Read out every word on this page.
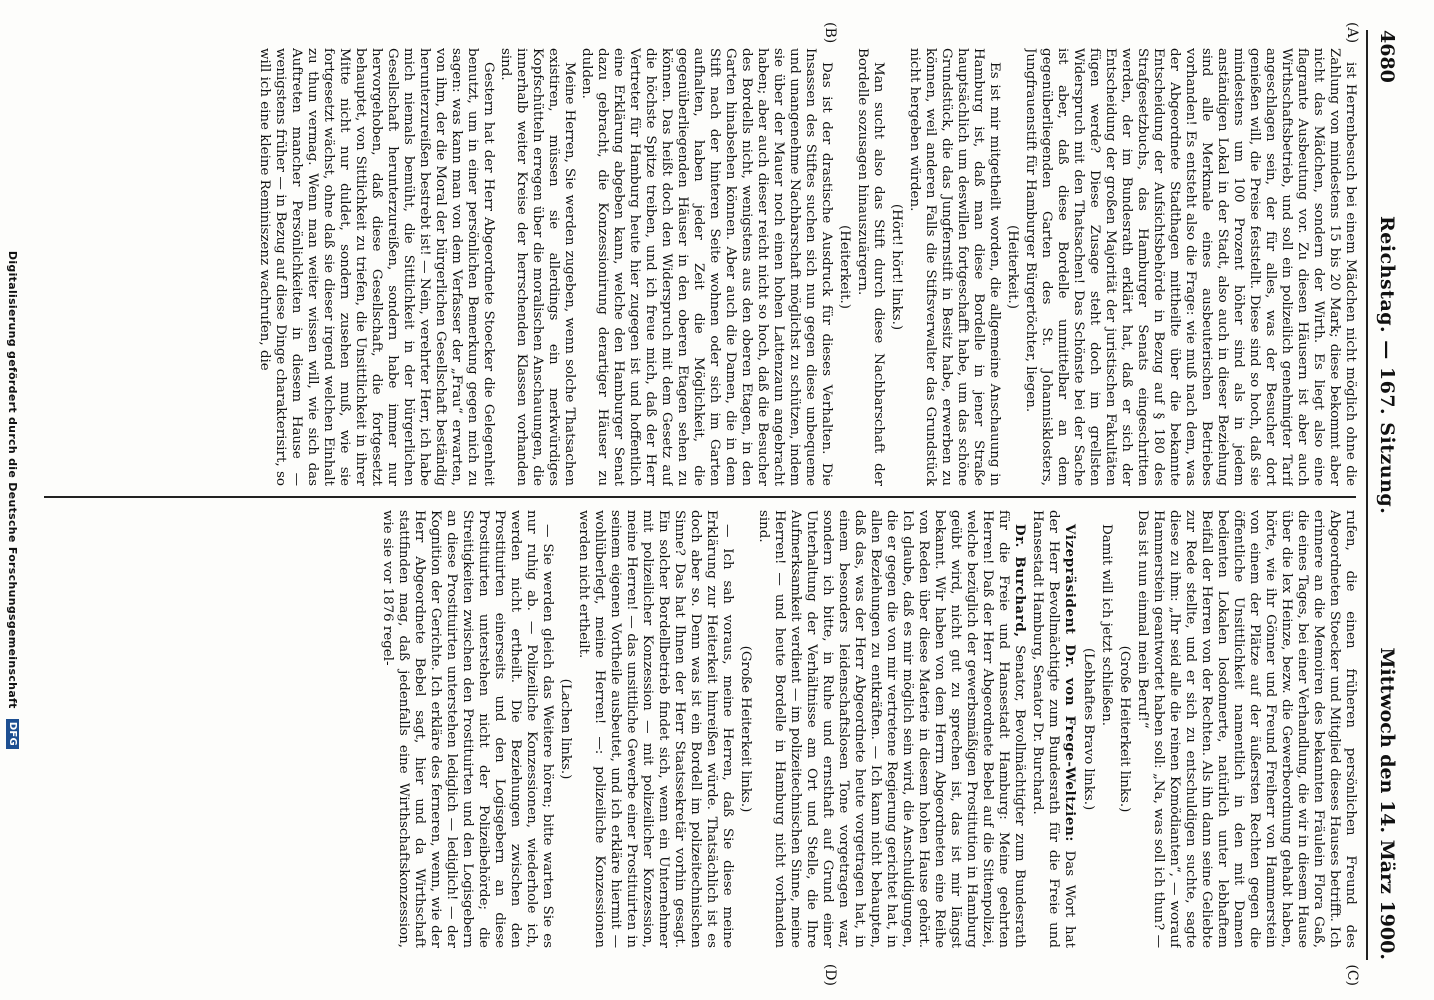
4680
Reichstag. — 167. Sitzung.
Mittwoch den 14. März 1900.
(A)
(B)
(C)
(D)

ist Herrenbesuch bei einem Mädchen nicht möglich ohne die Zahlung von mindestens 15 bis 20 Mark; diese bekommt aber nicht das Mädchen, sondern der Wirth. Es liegt also eine flagrante Ausbeutung vor. Zu diesen Häusern ist aber auch Wirthschaftsbetrieb, und soll ein polizeilich genehmigter Tarif angeschlagen sein, der für alles, was der Besucher dort genießen will, die Preise feststellt. Diese sind so hoch, daß sie mindestens um 100 Prozent höher sind als in jedem anständigen Lokal in der Stadt, also auch in dieser Beziehung sind alle Merkmale eines ausbeuterischen Betriebes vorhanden! Es entsteht also die Frage: wie muß nach dem, was der Abgeordnete Stadthagen mittheilte über die bekannte Entscheidung der Aufsichtsbehörde in Bezug auf § 180 des Strafgesetzbuchs, das Hamburger Senats eingeschritten werden, der im Bundesrath erklärt hat, daß er sich der Entscheidung der großen Majorität der juristischen Fakultäten fügen werde? Diese Zusage steht doch im grellsten Widerspruch mit den Thatsachen! Das Schönste bei der Sache ist aber, daß diese Bordelle unmittelbar an dem gegenüberliegenden Garten des St. Johannisklosters, Jungfrauenstift für Hamburger Bürgertöchter, liegen.

(Heiterkeit.)

Es ist mir mitgetheilt worden, die allgemeine Anschauung in Hamburg ist, daß man diese Bordelle in jener Straße hauptsächlich um deswillen fortgeschafft habe, um das schöne Grundstück, die das Jungfernstift in Besitz habe, erwerben zu können, weil anderen Falls die Stiftsverwalter das Grundstück nicht hergeben würden.

(Hört! hört! links.)

Man sucht also das Stift durch diese Nachbarschaft der Bordelle sozusagen hinauszuärgern.

(Heiterkeit.)

Das ist der drastische Ausdruck für dieses Verhalten. Die Insassen des Stiftes suchen sich nun gegen diese unbequeme und unangenehme Nachbarschaft möglichst zu schützen, indem sie über der Mauer noch einen hohen Lattenzaun angebracht haben; aber auch dieser reicht nicht so hoch, daß die Besucher des Bordells nicht, wenigstens aus den oberen Etagen, in den Garten hinabsehen können. Aber auch die Damen, die in dem Stift nach der hinteren Seite wohnen oder sich im Garten aufhalten, haben jeder Zeit die Möglichkeit, die gegenüberliegenden Häuser in den oberen Etagen sehen zu können. Das heißt doch den Widerspruch mit dem Gesetz auf die höchste Spitze treiben, und ich freue mich, daß der Herr Vertreter für Hamburg heute hier zugegen ist und hoffentlich eine Erklärung abgeben kann, welche den Hamburger Senat dazu gebracht, die Konzessionirung derartiger Häuser zu dulden.

Meine Herren, Sie werden zugeben, wenn solche Thatsachen existiren, müssen sie allerdings ein merkwürdiges Kopfschütteln erregen über die moralischen Anschauungen, die innerhalb weiter Kreise der herrschenden Klassen vorhanden sind.

Gestern hat der Herr Abgeordnete Stoecker die Gelegenheit benutzt, um in einer persönlichen Bemerkung gegen mich zu sagen: was kann man von dem Verfasser der „Frau“ erwarten, von ihm, der die Moral der bürgerlichen Gesellschaft beständig herunterzureißen bestrebt ist! — Nein, verehrter Herr, ich habe mich niemals bemüht, die Sittlichkeit in der bürgerlichen Gesellschaft herunterzureißen, sondern habe immer nur hervorgehoben, daß diese Gesellschaft, die fortgesetzt behauptet, von Sittlichkeit zu triefen, die Unsittlichkeit in ihrer Mitte nicht nur duldet, sondern zusehen muß, wie sie fortgesetzt wächst, ohne daß sie dieser irgend welchen Einhalt zu thun vermag. Wenn man weiter wissen will, wie sich das Auftreten mancher Persönlichkeiten in diesem Hause — wenigstens früher — in Bezug auf diese Dinge charakterisirt, so will ich eine kleine Reminiszenz wachrufen, die

rufen, die einen früheren persönlichen Freund des Abgeordneten Stoecker und Mitglied dieses Hauses betrifft. Ich erinnere an die Memoiren des bekannten Fräulein Flora Gaß, die eines Tages, bei einer Verhandlung, die wir in diesem Hause über die lex Heinze, bezw. die Gewerbeordnung gehabt haben, hörte, wie ihr Gönner und Freund Freiherr von Hammerstein von einem der Plätze auf der äußersten Rechten gegen die öffentliche Unsittlichkeit namentlich in den mit Damen bedienten Lokalen losdonnerte, natürlich unter lebhaftem Beifall der Herren von der Rechten. Als ihn dann seine Geliebte zur Rede stellte, und er sich zu entschuldigen suchte, sagte diese zu ihm: „Ihr seid alle die reinen Komödianten“, — worauf Hammerstein geantwortet haben soll: „Na, was soll ich thun? — Das ist nun einmal mein Beruf!“

(Große Heiterkeit links.)

Damit will ich jetzt schließen.

(Lebhaftes Bravo links.)

Vizepräsident Dr. von Frege-Weltzien: Das Wort hat der Herr Bevollmächtigte zum Bundesrath für die Freie und Hansestadt Hamburg, Senator Dr. Burchard.

Dr. Burchard, Senator, Bevollmächtigter zum Bundesrath für die Freie und Hansestadt Hamburg: Meine geehrten Herren! Daß der Herr Abgeordnete Bebel auf die Sittenpolizei, welche bezüglich der gewerbsmäßigen Prostitution in Hamburg geübt wird, nicht gut zu sprechen ist, das ist mir längst bekannt. Wir haben von dem Herrn Abgeordneten eine Reihe von Reden über diese Materie in diesem hohen Hause gehört. Ich glaube, daß es mir möglich sein wird, die Anschuldigungen, die er gegen die von mir vertretene Regierung gerichtet hat, in allen Beziehungen zu entkräften. — Ich kann nicht behaupten, daß das, was der Herr Abgeordnete heute vorgetragen hat, in einem besonders leidenschaftslosen Tone vorgetragen war, sondern ich bitte, in Ruhe und ernsthaft auf Grund einer Unterhaltung der Verhältnisse am Ort und Stelle, die Ihre Aufmerksamkeit verdient — im polizeitechnischen Sinne, meine Herren! — und heute Bordelle in Hamburg nicht vorhanden sind.

(Große Heiterkeit links.)

— Ich sah voraus, meine Herren, daß Sie diese meine Erklärung zur Heiterkeit hinreißen würde. Thatsächlich ist es doch aber so. Denn was ist ein Bordell im polizeitechnischen Sinne? Das hat Ihnen der Herr Staatssekretär vorhin gesagt. Ein solcher Bordellbetrieb findet sich, wenn ein Unternehmer mit polizeilicher Konzession — mit polizeilicher Konzession, meine Herren! — das unsittliche Gewerbe einer Prostituirten in seinem eigenen Vortheile ausbeutet, und ich erkläre hiermit — wohlüberlegt, meine Herren! —: polizeiliche Konzessionen werden nicht ertheilt.

(Lachen links.)

— Sie werden gleich das Weitere hören; bitte warten Sie es nur ruhig ab. — Polizeiliche Konzessionen, wiederhole ich, werden nicht ertheilt. Die Beziehungen zwischen den Prostituirten einerseits und den Logisgebern an diese Prostituirten unterstehen nicht der Polizeibehörde; die Streitigkeiten zwischen den Prostituirten und den Logisgebern an diese Prostituirten unterstehen lediglich — lediglich! — der Kognition der Gerichte. Ich erkläre des ferneren, wenn, wie der Herr Abgeordnete Bebel sagt, hier und da Wirthschaft stattfinden mag, daß jedenfalls eine Wirthschaftskonzession, wie sie vor 1876 regel-

Digitalisierung gefördert durch die Deutsche Forschungsgemeinschaft DFG
